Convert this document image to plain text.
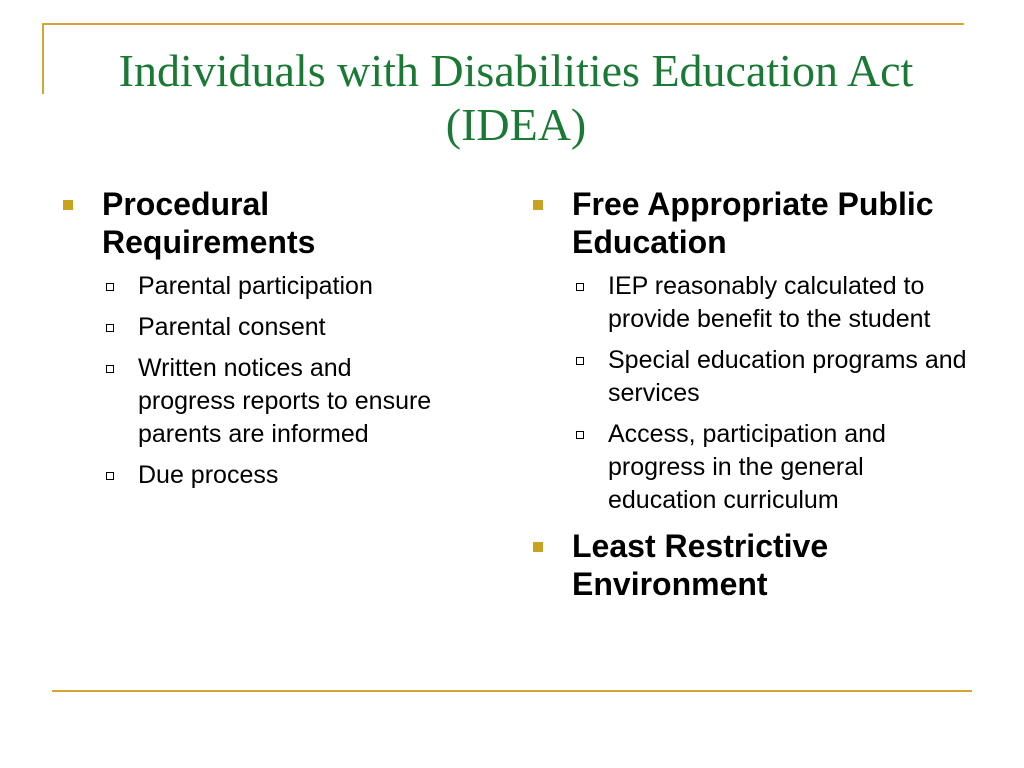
Individuals with Disabilities Education Act (IDEA)
Procedural Requirements
Parental participation
Parental consent
Written notices and progress reports to ensure parents are informed
Due process
Free Appropriate Public Education
IEP reasonably calculated to provide benefit to the student
Special education programs and services
Access, participation and progress in the general education curriculum
Least Restrictive Environment
